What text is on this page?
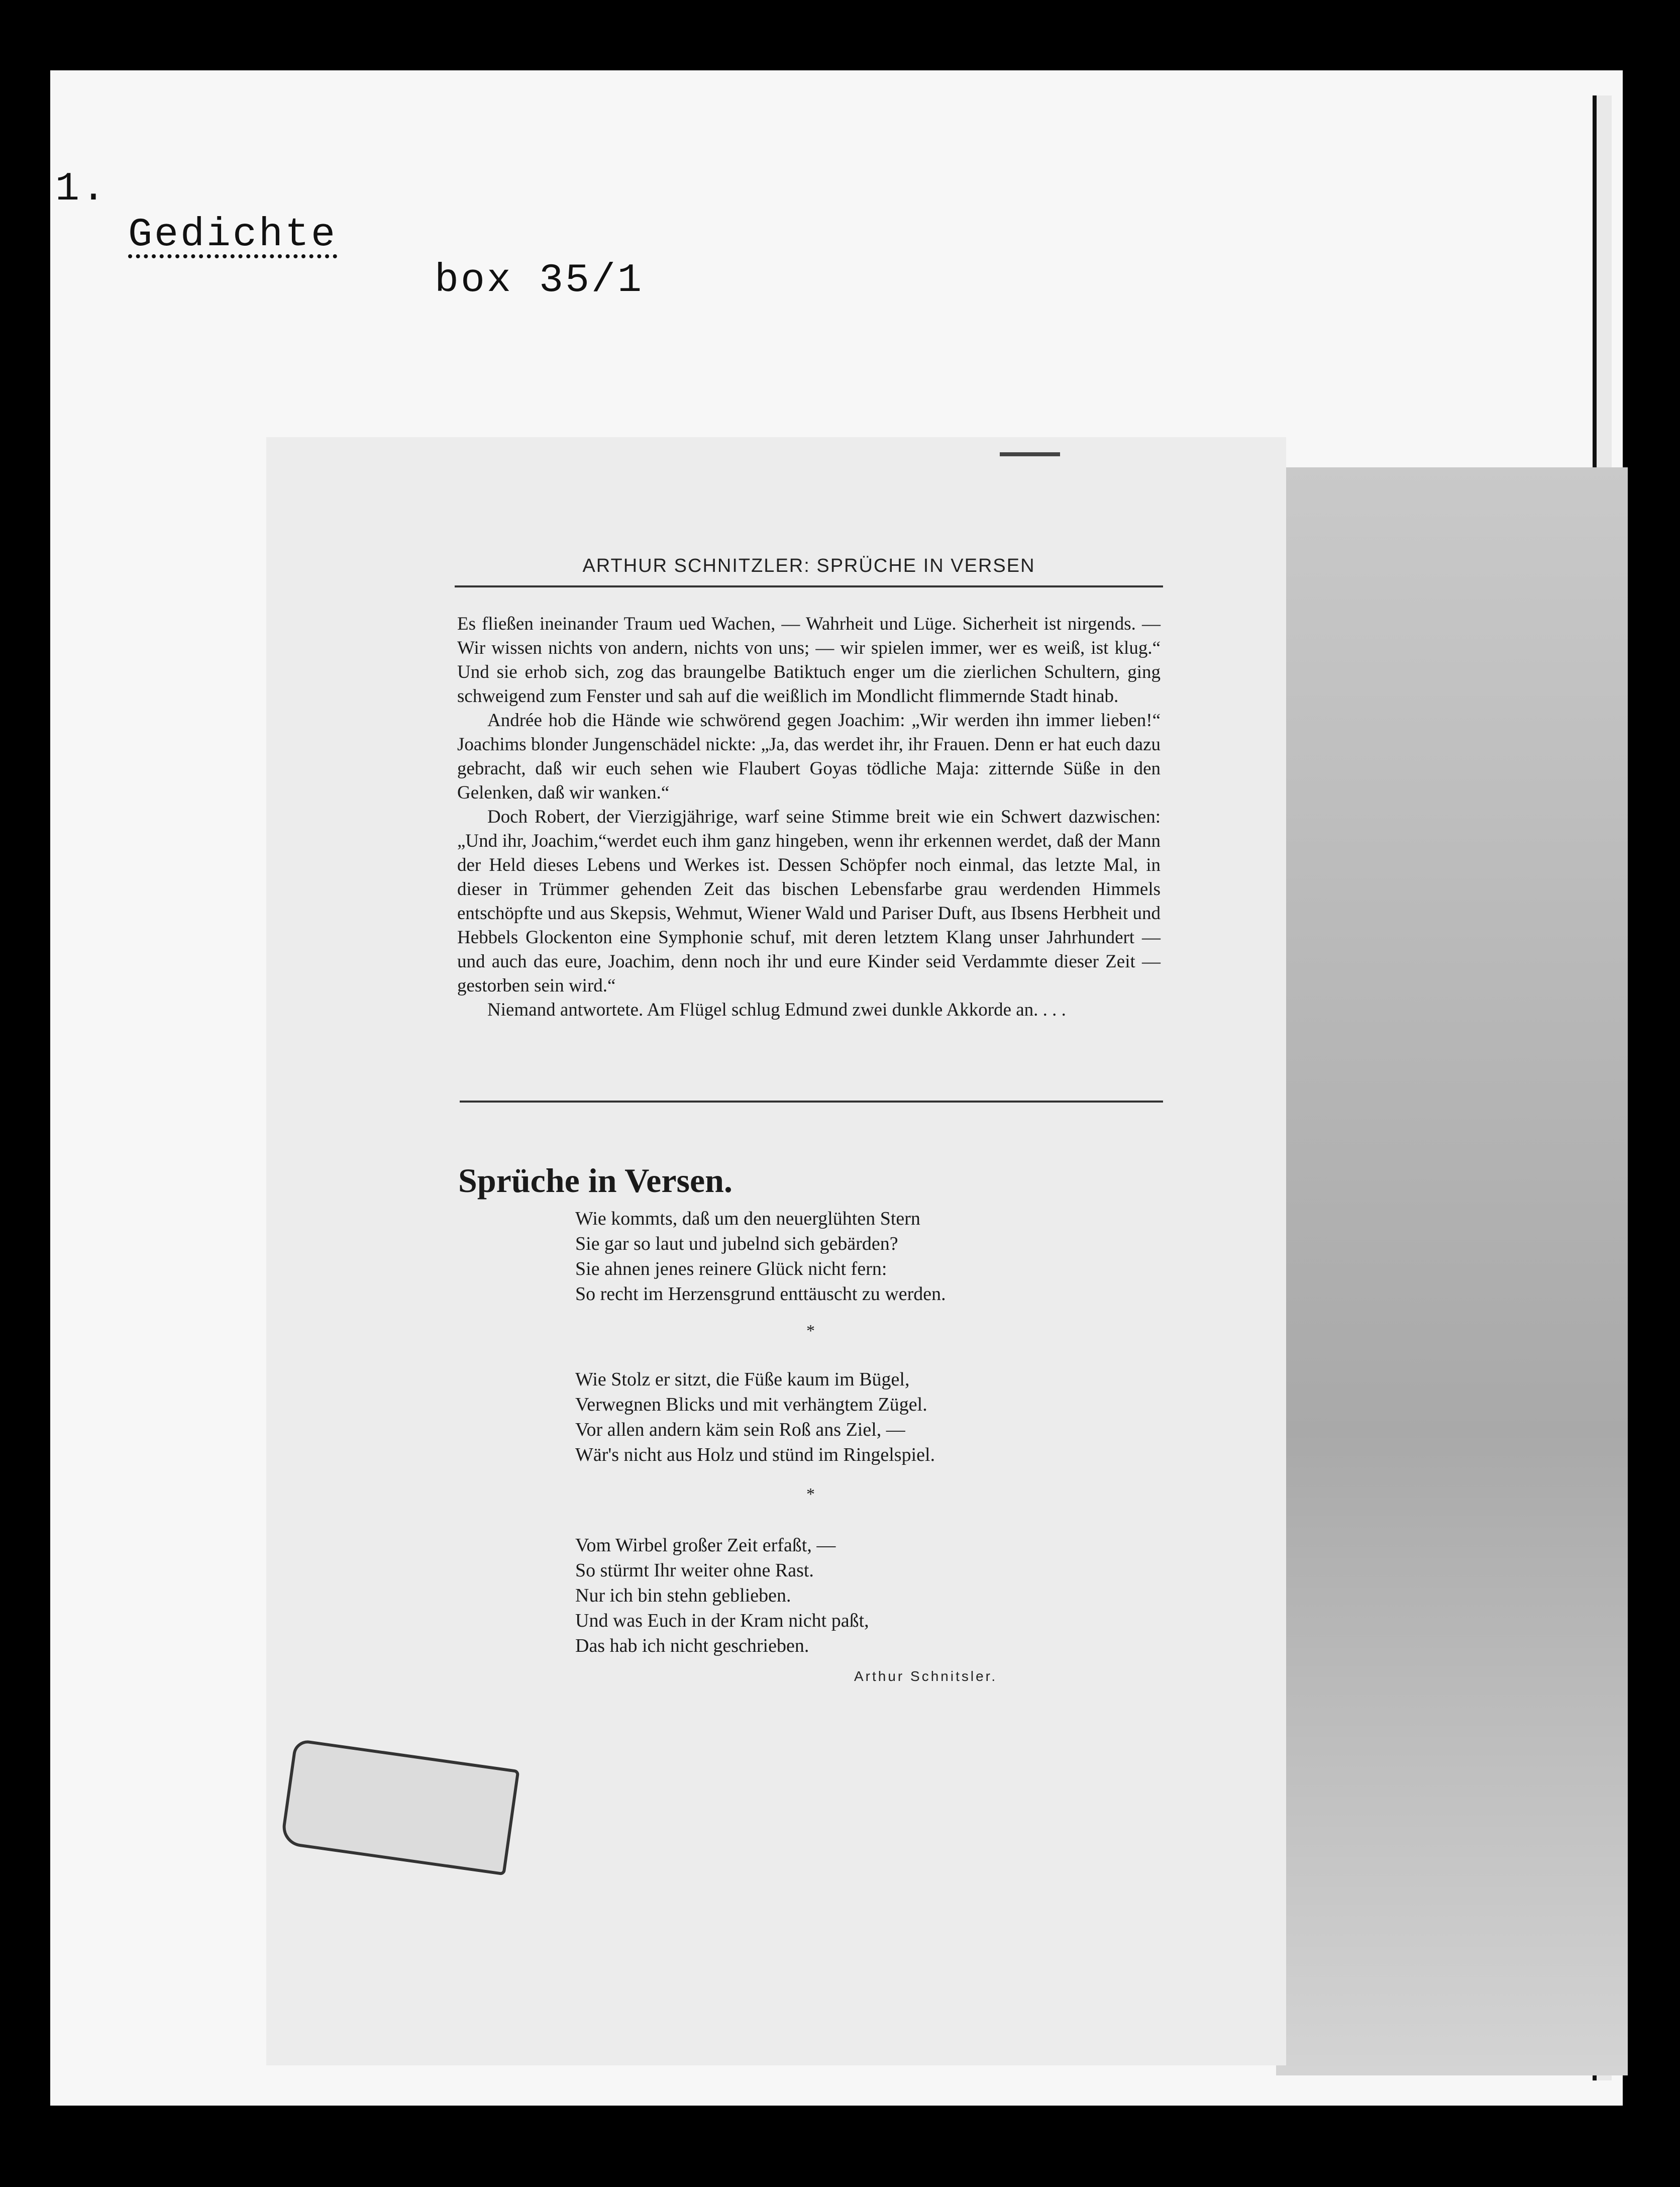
1.

Gedichte

box 35/1

ARTHUR SCHNITZLER: SPRÜCHE IN VERSEN

Es fließen ineinander Traum ued Wachen, — Wahrheit und Lüge. Sicherheit ist nirgends. — Wir wissen nichts von andern, nichts von uns; — wir spielen immer, wer es weiß, ist klug.“ Und sie erhob sich, zog das braungelbe Batiktuch enger um die zierlichen Schultern, ging schweigend zum Fenster und sah auf die weißlich im Mondlicht flimmernde Stadt hinab.

Andrée hob die Hände wie schwörend gegen Joachim: „Wir werden ihn immer lieben!“ Joachims blonder Jungenschädel nickte: „Ja, das werdet ihr, ihr Frauen. Denn er hat euch dazu gebracht, daß wir euch sehen wie Flaubert Goyas tödliche Maja: zitternde Süße in den Gelenken, daß wir wanken.“

Doch Robert, der Vierzigjährige, warf seine Stimme breit wie ein Schwert dazwischen: „Und ihr, Joachim,“werdet euch ihm ganz hingeben, wenn ihr erkennen werdet, daß der Mann der Held dieses Lebens und Werkes ist. Dessen Schöpfer noch einmal, das letzte Mal, in dieser in Trümmer gehenden Zeit das bischen Lebensfarbe grau werdenden Himmels entschöpfte und aus Skepsis, Wehmut, Wiener Wald und Pariser Duft, aus Ibsens Herbheit und Hebbels Glockenton eine Symphonie schuf, mit deren letztem Klang unser Jahrhundert — und auch das eure, Joachim, denn noch ihr und eure Kinder seid Verdammte dieser Zeit — gestorben sein wird.“

Niemand antwortete. Am Flügel schlug Edmund zwei dunkle Akkorde an. . . .

Sprüche in Versen.
Wie kommts, daß um den neuerglühten Stern
Sie gar so laut und jubelnd sich gebärden?
Sie ahnen jenes reinere Glück nicht fern:
So recht im Herzensgrund enttäuscht zu werden.
*
Wie Stolz er sitzt, die Füße kaum im Bügel,
Verwegnen Blicks und mit verhängtem Zügel.
Vor allen andern käm sein Roß ans Ziel, —
Wär's nicht aus Holz und stünd im Ringelspiel.
*
Vom Wirbel großer Zeit erfaßt, —
So stürmt Ihr weiter ohne Rast.
Nur ich bin stehn geblieben.
Und was Euch in der Kram nicht paßt,
Das hab ich nicht geschrieben.
Arthur Schnitsler.
